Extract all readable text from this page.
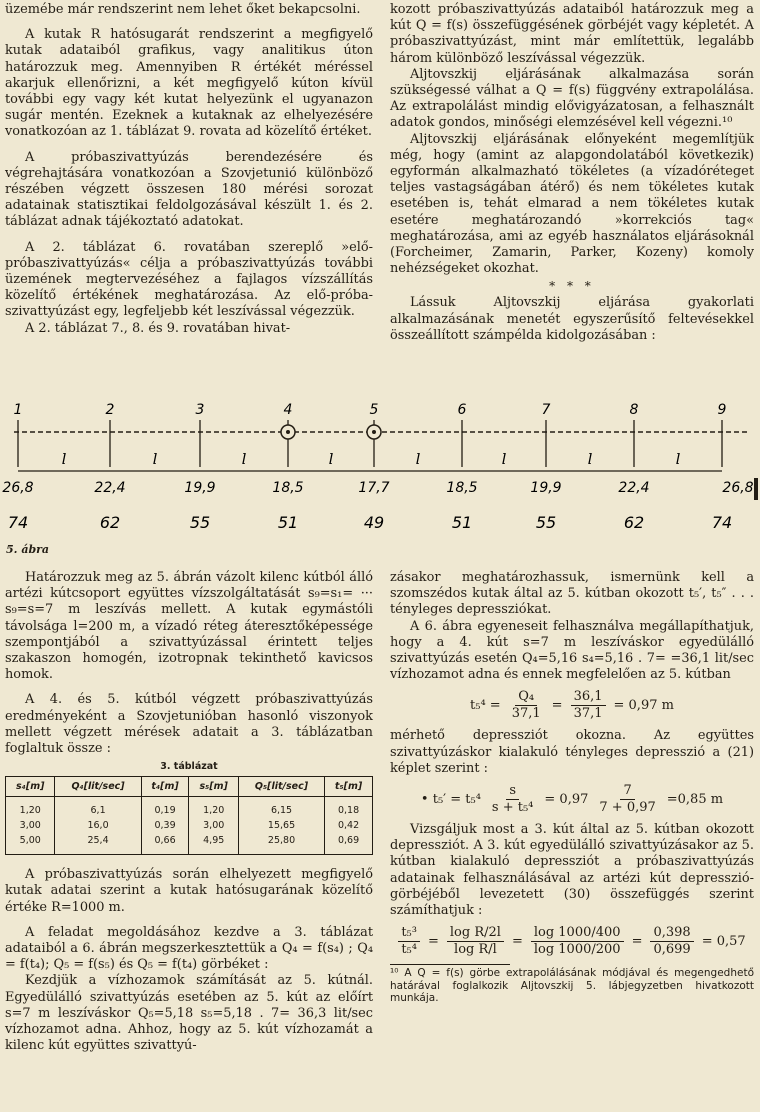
üzemébe már rendszerint nem lehet őket bekapcsolni.

A kutak R hatósugarát rendszerint a megfigyelő kutak adataiból grafikus, vagy analitikus úton határozzuk meg. Amennyiben R értékét méréssel akarjuk ellenőrizni, a két megfigyelő kúton kívül további egy vagy két kutat helyezünk el ugyanazon sugár mentén. Ezeknek a kutaknak az elhelyezésére vonatkozóan az 1. táblázat 9. rovata ad közelítő értéket.

A próbaszivattyúzás berendezésére és végrehajtására vonatkozóan a Szovjetunió különböző részében végzett összesen 180 mérési sorozat adatainak statisztikai feldolgozásával készült 1. és 2. táblázat adnak tájékoztató adatokat.

A 2. táblázat 6. rovatában szereplő »elő-próbaszivattyúzás« célja a próbaszivattyúzás további üzemének megtervezéséhez a fajlagos vízszállítás közelítő értékének meghatározása. Az elő-próba- szivattyúzást egy, legfeljebb két leszívással végezzük.

A 2. táblázat 7., 8. és 9. rovatában hivat-

kozott próbaszivattyúzás adataiból határozzuk meg a kút Q = f(s) összefüggésének görbéjét vagy képletét. A próbaszivattyúzást, mint már említettük, legalább három különböző leszívással végezzük.

Aljtovszkij eljárásának alkalmazása során szükségessé válhat a Q = f(s) függvény extrapolálása. Az extrapolálást mindig elővigyázatosan, a felhasznált adatok gondos, minőségi elemzésével kell végezni.¹⁰

Aljtovszkij eljárásának előnyeként megemlítjük még, hogy (amint az alapgondolatából következik) egyformán alkalmazható tökéletes (a vízadóréteget teljes vastagságában átérő) és nem tökéletes kutak esetében is, tehát elmarad a nem tökéletes kutak esetére meghatározandó »korrekciós tag« meghatározása, ami az egyéb használatos eljárásoknál (Forcheimer, Zamarin, Parker, Kozeny) komoly nehézségeket okozhat.

* * *

Lássuk Aljtovszkij eljárása gyakorlati alkalmazásának menetét egyszerűsítő feltevésekkel összeállított számpélda kidolgozásában :

1
26,8
74
l
2
22,4
62
l
3
19,9
55
l
4
18,5
51
l
5
17,7
49
l
6
18,5
51
l
7
19,9
55
l
8
22,4
62
l
9
26,8
74
5. ábra

Határozzuk meg az 5. ábrán vázolt kilenc kútból álló artézi kútcsoport együttes vízszolgáltatását s₉=s₁= ··· s₉=s=7 m leszívás mellett. A kutak egymástóli távolsága l=200 m, a vízadó réteg áteresztőképessége szempontjából a szivattyúzással érintett teljes szakaszon homogén, izotropnak tekinthető kavicsos homok.

A 4. és 5. kútból végzett próbaszivattyúzás eredményeként a Szovjetunióban hasonló viszonyok mellett végzett mérések adatait a 3. táblázatban foglaltuk össze :

3. táblázat
s₄[m]	Q₄[lit/sec]	t₄[m]	s₅[m]	Q₅[lit/sec]	t₅[m]
1,20	6,1	0,19	1,20	6,15	0,18
3,00	16,0	0,39	3,00	15,65	0,42
5,00	25,4	0,66	4,95	25,80	0,69

A próbaszivattyúzás során elhelyezett megfigyelő kutak adatai szerint a kutak hatósugarának közelítő értéke R=1000 m.

A feladat megoldásához kezdve a 3. táblázat adataiból a 6. ábrán megszerkesztettük a Q₄ = f(s₄) ; Q₄ = f(t₄); Q₅ = f(s₅) és Q₅ = f(t₄) görbéket :

Kezdjük a vízhozamok számítását az 5. kútnál. Egyedülálló szivattyúzás esetében az 5. kút az előírt s=7 m leszíváskor Q₅=5,18 s₅=5,18 . 7= 36,3 lit/sec vízhozamot adna. Ahhoz, hogy az 5. kút vízhozamát a kilenc kút együttes szivattyú-

zásakor meghatározhassuk, ismernünk kell a szomszédos kutak által az 5. kútban okozott t₅′, t₅″ . . . tényleges depressziókat.

A 6. ábra egyeneseit felhasználva megállapíthatjuk, hogy a 4. kút s=7 m leszíváskor egyedülálló szivattyúzás esetén Q₄=5,16 s₄=5,16 . 7= =36,1 lit/sec vízhozamot adna és ennek megfelelően az 5. kútban

$t_5^4 = \frac{\text{Q₄}}{37,1} = \frac{36,1}{37,1} = 0,97$ m

mérhető depressziót okozna. Az együttes szivattyúzáskor kialakuló tényleges depresszió a (21) képlet szerint :

• $t_5' = t_5^4 \frac{s}{\text{s + t₅⁴}} = 0,97 \frac{7}{7 + 0,97} =0,85$ m

Vizsgáljuk most a 3. kút által az 5. kútban okozott depressziót. A 3. kút egyedülálló szivattyúzásakor az 5. kútban kialakuló depressziót a próbaszivattyúzás adatainak felhasználásával az artézi kút depresszió-görbéjéből levezetett (30) összefüggés szerint számíthatjuk :

$\frac{\text{t₅³}}{\text{t₅⁴}} = \frac{\text{log R/2l}}{\text{log R/l}} = \frac{\log 1000/400}{\log 1000/200} = \frac{0,398}{0,699} = 0,57$
¹⁰ A Q = f(s) görbe extrapolálásának módjával és megengedhető határával foglalkozik Aljtovszkij 5. lábjegyzetben hivatkozott munkája.
